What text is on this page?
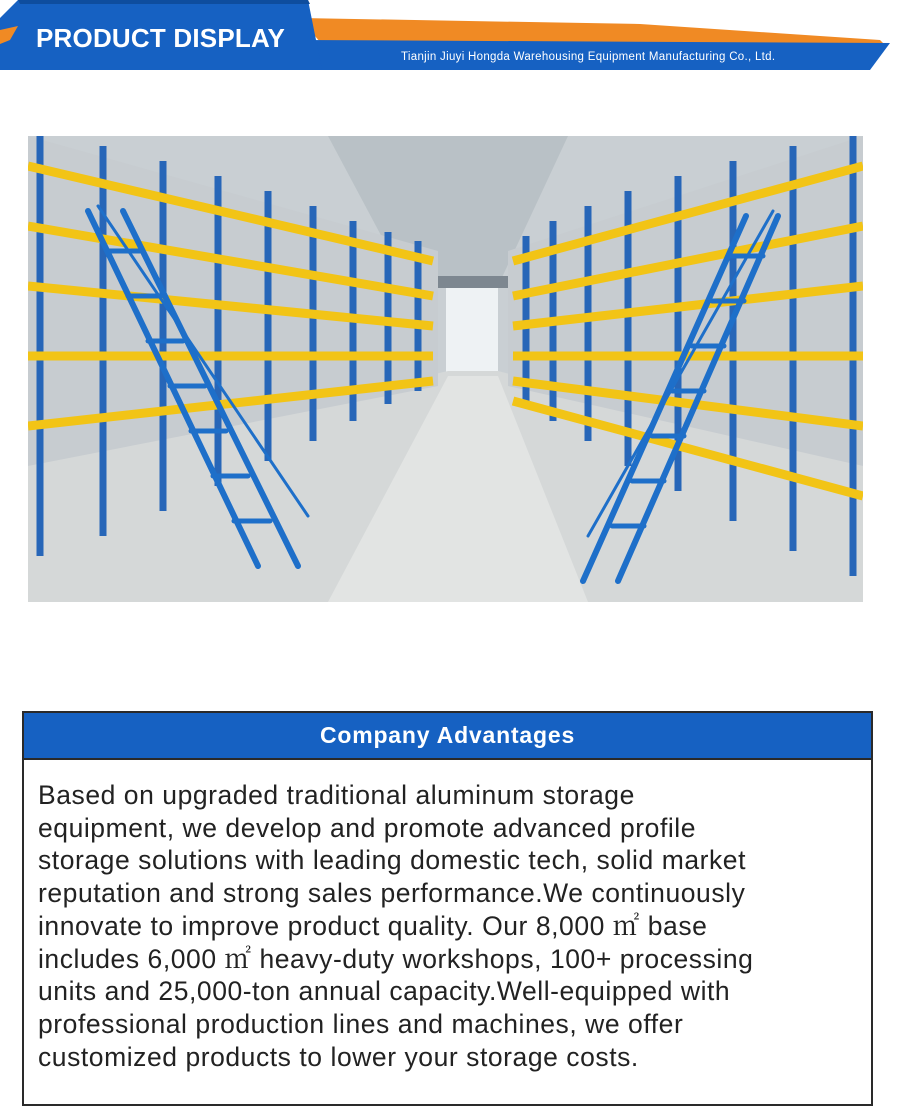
PRODUCT DISPLAY
Tianjin Jiuyi Hongda Warehousing Equipment Manufacturing Co., Ltd.
Company Advantages
Based on upgraded traditional aluminum storage
equipment, we develop and promote advanced profile
storage solutions with leading domestic tech, solid market
reputation and strong sales performance.We continuously
innovate to improve product quality. Our 8,000 ㎡ base
includes 6,000 ㎡ heavy-duty workshops, 100+ processing
units and 25,000-ton annual capacity.Well-equipped with
professional production lines and machines, we offer
customized products to lower your storage costs.
